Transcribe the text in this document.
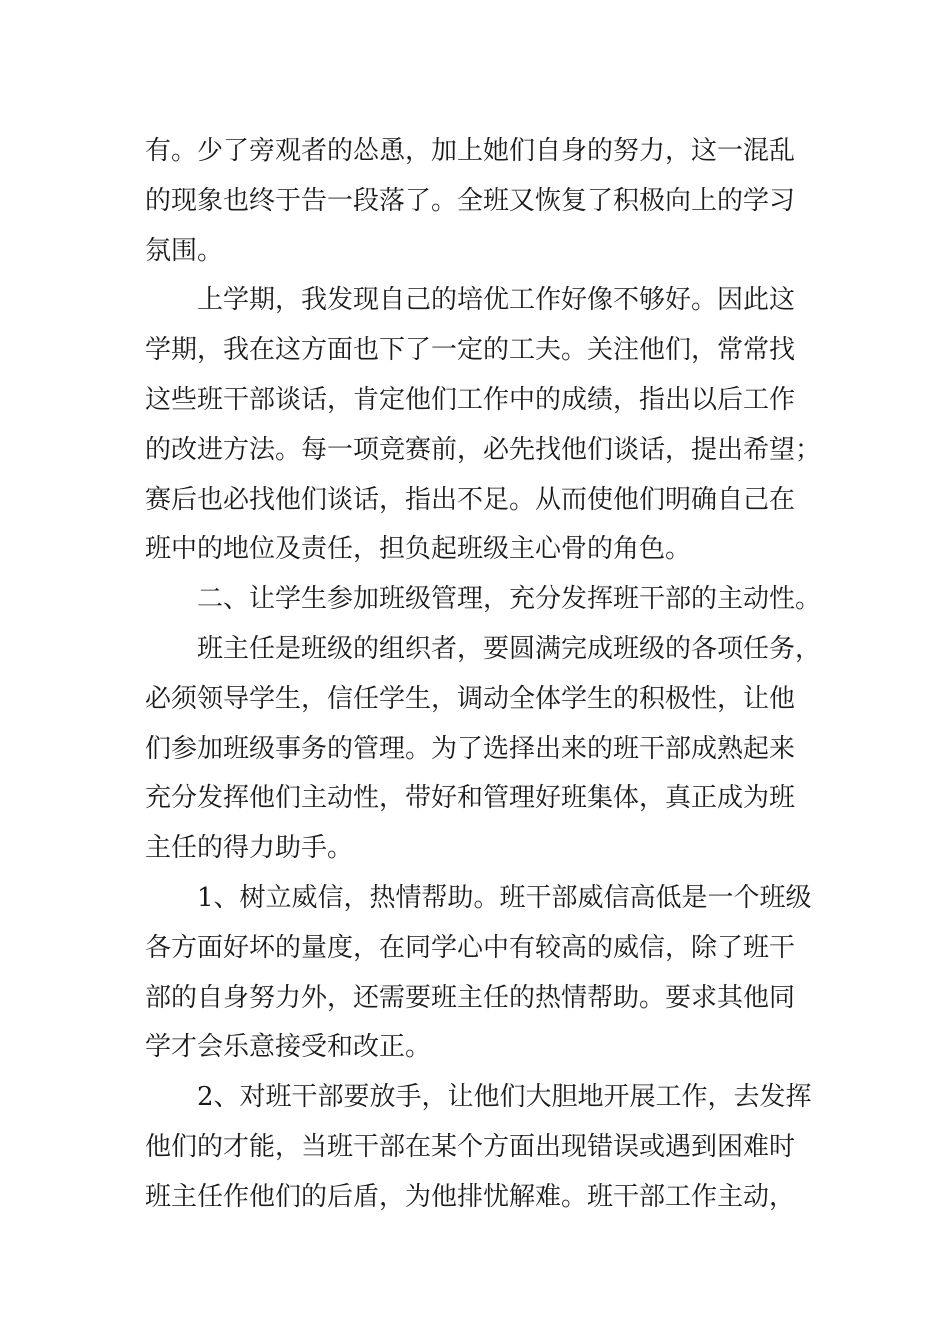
有。少了旁观者的怂恿，加上她们自身的努力，这一混乱
的现象也终于告一段落了。全班又恢复了积极向上的学习
氛围。
上学期，我发现自己的培优工作好像不够好。因此这
学期，我在这方面也下了一定的工夫。关注他们，常常找
这些班干部谈话，肯定他们工作中的成绩，指出以后工作
的改进方法。每一项竞赛前，必先找他们谈话，提出希望；
赛后也必找他们谈话，指出不足。从而使他们明确自己在
班中的地位及责任，担负起班级主心骨的角色。
二、让学生参加班级管理，充分发挥班干部的主动性。
班主任是班级的组织者，要圆满完成班级的各项任务，
必须领导学生，信任学生，调动全体学生的积极性，让他
们参加班级事务的管理。为了选择出来的班干部成熟起来
充分发挥他们主动性，带好和管理好班集体，真正成为班
主任的得力助手。
1、树立威信，热情帮助。班干部威信高低是一个班级
各方面好坏的量度，在同学心中有较高的威信，除了班干
部的自身努力外，还需要班主任的热情帮助。要求其他同
学才会乐意接受和改正。
2、对班干部要放手，让他们大胆地开展工作，去发挥
他们的才能，当班干部在某个方面出现错误或遇到困难时
班主任作他们的后盾，为他排忧解难。班干部工作主动，
